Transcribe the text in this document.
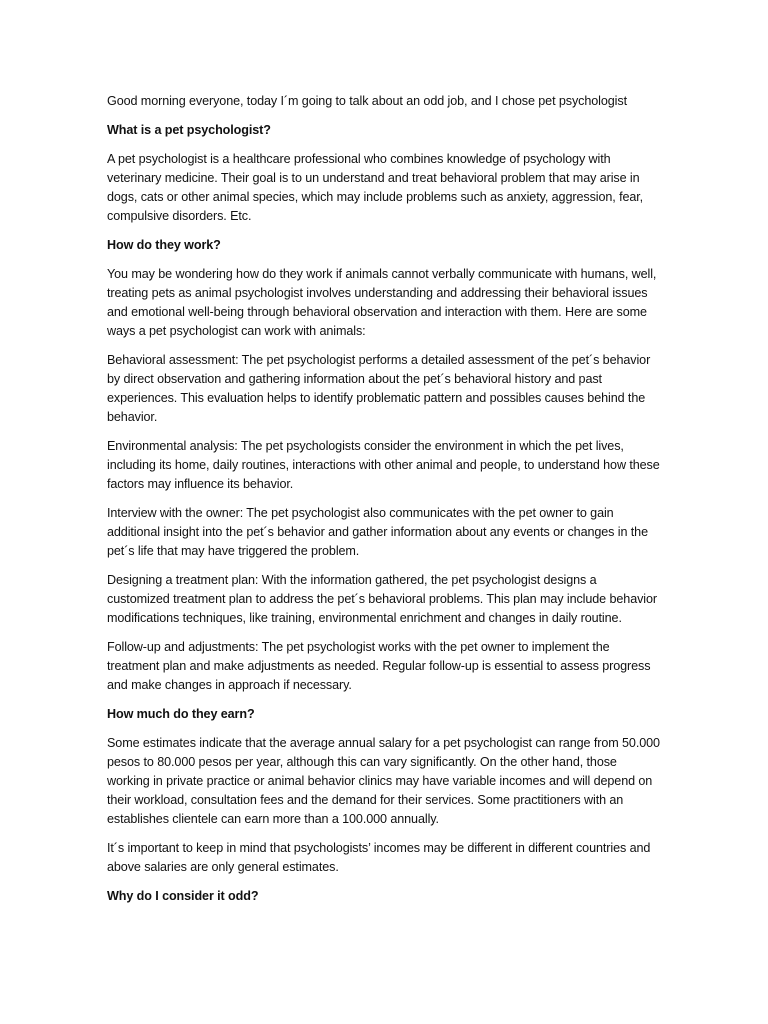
Good morning everyone, today I´m going to talk about an odd job, and I chose pet psychologist

What is a pet psychologist?

A pet psychologist is a healthcare professional who combines knowledge of psychology with veterinary medicine. Their goal is to un understand and treat behavioral problem that may arise in dogs, cats or other animal species, which may include problems such as anxiety, aggression, fear, compulsive disorders. Etc.

How do they work?

You may be wondering how do they work if animals cannot verbally communicate with humans, well, treating pets as animal psychologist involves understanding and addressing their behavioral issues and emotional well-being through behavioral observation and interaction with them. Here are some ways a pet psychologist can work with animals:

Behavioral assessment: The pet psychologist performs a detailed assessment of the pet´s behavior by direct observation and gathering information about the pet´s behavioral history and past experiences. This evaluation helps to identify problematic pattern and possibles causes behind the behavior.

Environmental analysis: The pet psychologists consider the environment in which the pet lives, including its home, daily routines, interactions with other animal and people, to understand how these factors may influence its behavior.

Interview with the owner: The pet psychologist also communicates with the pet owner to gain additional insight into the pet´s behavior and gather information about any events or changes in the pet´s life that may have triggered the problem.

Designing a treatment plan: With the information gathered, the pet psychologist designs a customized treatment plan to address the pet´s behavioral problems. This plan may include behavior modifications techniques, like training, environmental enrichment and changes in daily routine.

Follow-up and adjustments: The pet psychologist works with the pet owner to implement the treatment plan and make adjustments as needed. Regular follow-up is essential to assess progress and make changes in approach if necessary.

How much do they earn?

Some estimates indicate that the average annual salary for a pet psychologist can range from 50.000 pesos to 80.000 pesos per year, although this can vary significantly. On the other hand, those working in private practice or animal behavior clinics may have variable incomes and will depend on their workload, consultation fees and the demand for their services. Some practitioners with an establishes clientele can earn more than a 100.000 annually.

It´s important to keep in mind that psychologists’ incomes may be different in different countries and above salaries are only general estimates.

Why do I consider it odd?
